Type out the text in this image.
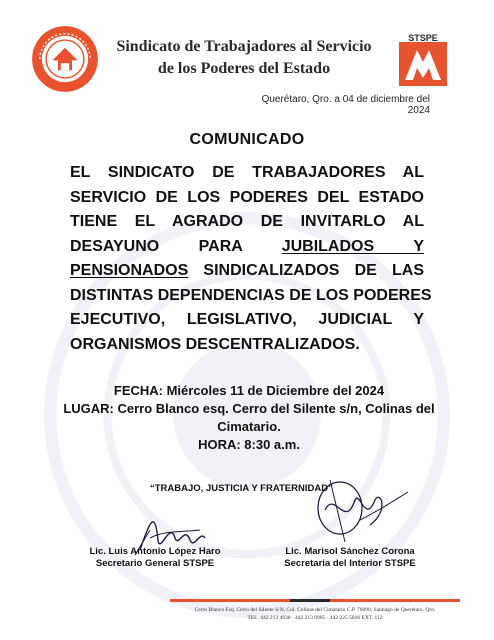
Sindicato de Trabajadores al Servicio
de los Poderes del Estado
STSPE
Querétaro, Qro. a 04 de diciembre del 2024
COMUNICADO
EL SINDICATO DE TRABAJADORES AL
SERVICIO DE LOS PODERES DEL ESTADO
TIENE EL AGRADO DE INVITARLO AL
DESAYUNO PARA JUBILADOS Y
PENSIONADOS SINDICALIZADOS DE LAS
DISTINTAS DEPENDENCIAS DE LOS PODERES
EJECUTIVO, LEGISLATIVO, JUDICIAL Y
ORGANISMOS DESCENTRALIZADOS.
FECHA: Miércoles 11 de Diciembre del 2024
LUGAR: Cerro Blanco esq. Cerro del Silente s/n, Colinas del
Cimatario.
HORA: 8:30 a.m.
“TRABAJO, JUSTICIA Y FRATERNIDAD”
Lic. Luis Antonio López Haro
Secretario General STSPE
Lic. Marisol Sánchez Corona
Secretaria del Interior STSPE
Cerro Blanco Esq. Cerro del Silente S/N, Col. Colinas del Cimatario C.P. 76090, Santiago de Querétaro, Qro.
TEL. 442 213 4930 · 442 213 0905 · 442 225 5816 EXT. 112
